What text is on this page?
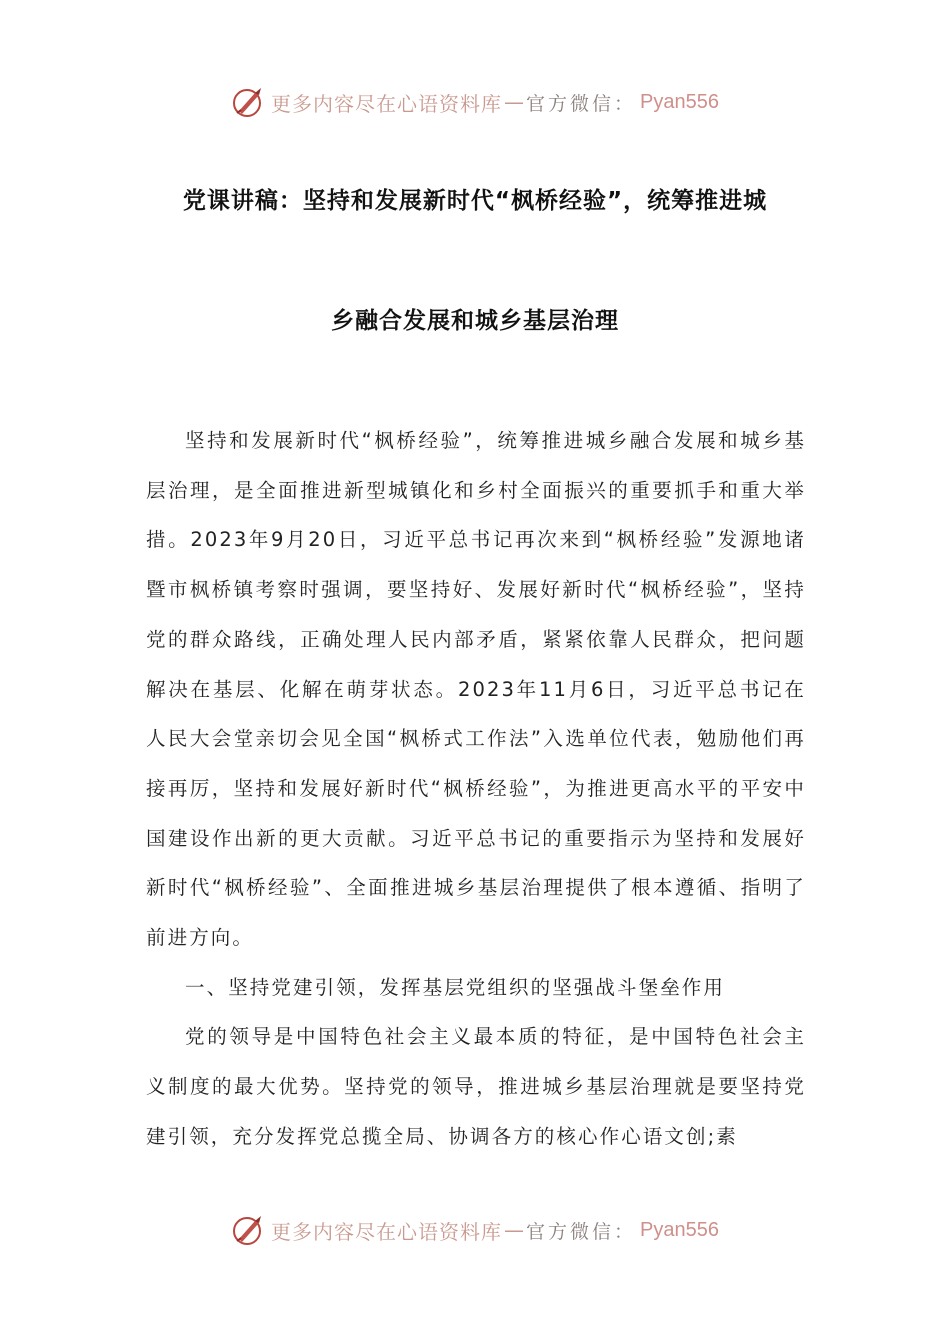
更多内容尽在心语资料库 — 官方微信： Pyan556
党课讲稿：坚持和发展新时代“枫桥经验”，统筹推进城
乡融合发展和城乡基层治理

坚持和发展新时代“枫桥经验”，统筹推进城乡融合发展和城乡基层治理，是全面推进新型城镇化和乡村全面振兴的重要抓手和重大举措。2023年9月20日，习近平总书记再次来到“枫桥经验”发源地诸暨市枫桥镇考察时强调，要坚持好、发展好新时代“枫桥经验”，坚持党的群众路线，正确处理人民内部矛盾，紧紧依靠人民群众，把问题解决在基层、化解在萌芽状态。2023年11月6日，习近平总书记在人民大会堂亲切会见全国“枫桥式工作法”入选单位代表，勉励他们再接再厉，坚持和发展好新时代“枫桥经验”，为推进更高水平的平安中国建设作出新的更大贡献。习近平总书记的重要指示为坚持和发展好新时代“枫桥经验”、全面推进城乡基层治理提供了根本遵循、指明了前进方向。

一、坚持党建引领，发挥基层党组织的坚强战斗堡垒作用

党的领导是中国特色社会主义最本质的特征，是中国特色社会主义制度的最大优势。坚持党的领导，推进城乡基层治理就是要坚持党建引领，充分发挥党总揽全局、协调各方的核心作心语文创;素

更多内容尽在心语资料库 — 官方微信： Pyan556
